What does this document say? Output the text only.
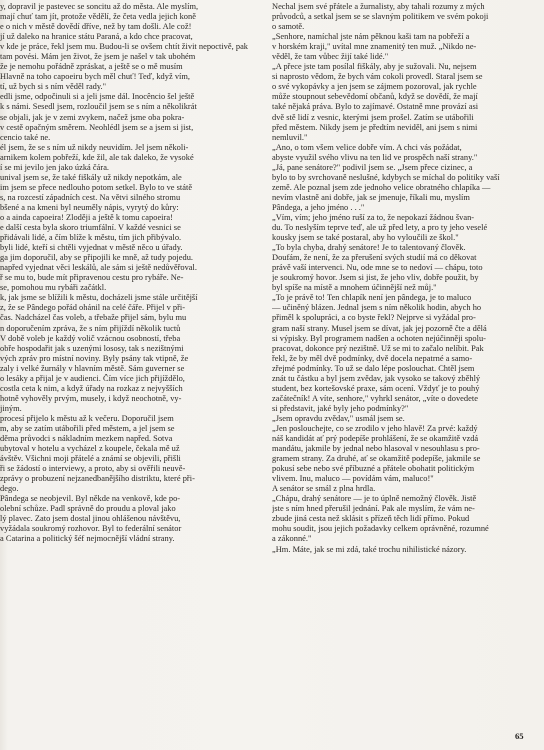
y, dopravil je pastevec se soncitu až do města. Ale myslím,
mají chuť tam jít, protože vědělí, že četa vedla jejich koně
e o nich v městě dovědí dříve, než by tam došli. Ale což!
jí už daleko na hranice státu Paraná, a kdo chce pracovat,
v kde je práce, řekl jsem mu. Budou-li se ovšem chtít živit nepoctivě, pak
tam povési. Mám jen život, že jsem je našel v tak ubohém
že je nemohu pořádně zpráskat, a ještě se o mě musím
Hlavně na toho capoeiru bych měl chuť! Teď, když vím,
tí, už bych si s ním věděl rady."
edli jsme, odpočinuli si a jeli jsme dál. Inocêncio šel ještě
k s námi. Sesedl jsem, rozloučil jsem se s ním a několikrát
se objali, jak je v zemi zvykem, načež jsme oba pokra-
v cestě opačným směrem. Neohlédl jsem se a jsem si jist,
cencio také ne.
él jsem, že se s ním už nikdy neuvidím. Jel jsem několi-
arnikem kolem pobřeží, kde žil, ale tak daleko, že vysoké
í se mi jevilo jen jako úzká čára.
unival jsem se, že také fiškály už nikdy nepotkám, ale
im jsem se přece nedlouho potom setkel. Bylo to ve státě
s, na rozcestí západních cest. Na větvi silného stromu
bšené a na kmeni byl neuměly nápis, vyrytý do kůry:
o a ainda capoeira! Zloději a ještě k tomu capoeira!
e další cesta byla skoro triumfální. V každé vesnici se
přidávali lidé, a čím blíže k městu, tím jich přibývalo.
byli lidé, kteří si chtěli vyjednat v městě něco u úřady.
ga jim doporučil, aby se připojili ke mně, až tudy pojedu.
napřed vyjednat věci leskálů, ale sám si ještě nedůvěřoval.
ř se mu to, bude mít připravenou cestu pro rybáře. Ne-
se, pomohou mu rybáři začátkl.
k, jak jsme se blížili k městu, docházeli jsme stále určitější
z, že se Pândego pořád ohánil na celé čáře. Přijel v při-
čas. Nadcházel čas voleb, a třebaže přijel sám, bylu mu
n doporučením zpráva, že s ním přijíždí několik tuctů
V době voleb je každý volič vzácnou osobností, třeba
obře hospodařit jak s uzenými lososy, tak s nezištnými
vých zpráv pro místní noviny. Byly psány tak vtipně, že
zaly i velké žurnály v hlavním městě. Sám guverner se
o lesáky a přijal je v audienci. Čím více jich přijíždělo,
costla ceta k nim, a když úřady na rozkaz z nejvyšších
hotně vyhověly prvým, musely, i když neochotně, vy-
jiným.
procesí přijelo k městu až k večeru. Doporučil jsem
m, aby se zatím utábořili před městem, a jel jsem se
děma průvodci s nákladním mezkem napřed. Sotva
ubytoval v hotelu a vycházel z koupele, čekala mě už
ávštěv. Všichni moji přátelé a známí se objevili, přišli
ři se žádostí o interviewy, a proto, aby si ověřili neuvě-
zprávy o probuzení nejzanedbanějšího distriktu, které při-
dego.
Pândega se neobjevil. Byl někde na venkově, kde po-
olební schůze. Padl správně do proudu a ploval jako
lý plavec. Zato jsem dostal jinou ohlášenou návštěvu,
vyžádala soukromý rozhovor. Byl to federální senátor
a Catarina a politický šéf nejmocnější vládní strany.
Nechal jsem své přátele a žurnalisty, aby tahali rozumy z mých
průvodců, a setkal jsem se se slavným politikem ve svém pokoji
o samotě.
„Senhore, namíchal jste nám pěknou kaši tam na pobřeží a
v horském kraji," uvítal mne znamenitý ten muž. „Nikdo ne-
věděl, že tam vůbec žijí také lidé."
„A přece jste tam posílal fiškály, aby je sužovali. Nu, nejsem
si naprosto vědom, že bych vám cokoli provedl. Staral jsem se
o své vykopávky a jen jsem se zájmem pozoroval, jak rychle
může stoupnout sebevědomí občanů, když se dovědí, že mají
také nějaká práva. Bylo to zajímavé. Ostatně mne provází asi
dvě stě lidí z vesnic, kterými jsem prošel. Zatím se utábořili
před městem. Nikdy jsem je předtím neviděl, ani jsem s nimi
nemluvil."
„Ano, o tom všem velice dobře vím. A chci vás požádat,
abyste využil svého vlivu na ten lid ve prospěch naší strany."
„Já, pane senátore?" podivil jsem se. „Jsem přece cizinec, a
bylo to by svrchovaně neslušné, kdybych se míchal do politiky vaší
země. Ale poznal jsem zde jednoho velice obratného chlapíka —
nevím vlastně ani dobře, jak se jmenuje, říkali mu, myslím
Pândega, a jeho jméno . . ."
„Vím, vím; jeho jméno ruší za to, že nepokazí žádnou švan-
du. To neslyším teprve teď, ale už před lety, a pro ty jeho veselé
kousky jsem se také postaral, aby ho vyloučili ze škol."
„To byla chyba, drahý senátore! Je to talentovaný člověk.
Doufám, že není, že za přerušení svých studií má co děkovat
právě vaší intervenci. Nu, ode mne se to nedoví — chápu, toto
je soukromý hovor. Jsem si jist, že jeho vliv, dobře použit, by
byl spíše na místě a mnohem účinnější než můj."
„To je právě to! Ten chlapík není jen pândega, je to maluco
— učiněný blázen. Jednal jsem s ním několik hodin, abych ho
přiměl k spolupráci, a co byste řekl? Nejprve si vyžádal pro-
gram naší strany. Musel jsem se dívat, jak jej pozorně čte a dělá
si výpisky. Byl programem nadšen a ochoten nejúčinněji spolu-
pracovat, dokonce prý nezištně. Už se mi to začalo nelíbit. Pak
řekl, že by měl dvě podmínky, dvě docela nepatrné a samo-
zřejmé podmínky. To už se dalo lépe poslouchat. Chtěl jsem
znát tu částku a byl jsem zvědav, jak vysoko se takový zběhlý
student, bez kortešovské praxe, sám ocení. Vždyť je to pouhý
začátečník! A víte, senhore," vyhrkl senátor, „víte o dovedete
si představit, jaké byly jeho podmínky?"
„Jsem opravdu zvědav," usmál jsem se.
„Jen poslouchejte, co se zrodilo v jeho hlavě! Za prvé: každý
náš kandidát ať prý podepíše prohlášení, že se okamžitě vzdá
mandátu, jakmile by jednal nebo hlasoval v nesouhlasu s pro-
gramem strany. Za druhé, ať se okamžitě podepíše, jakmile se
pokusí sebe nebo své příbuzné a přátele obohatit politickým
vlivem. Inu, maluco — povídám vám, maluco!"
A senátor se smál z plna hrdla.
„Chápu, drahý senátore — je to úplně nemožný člověk. Jistě
jste s ním hned přerušil jednání. Pak ale myslím, že vám ne-
zbude jiná cesta než sklásit s přízeň těch lidí přímo. Pokud
mohu soudit, jsou jejich požadavky celkem oprávněné, rozumné
a zákonné."
„Hm. Máte, jak se mi zdá, také trochu nihilistické názory.
65
